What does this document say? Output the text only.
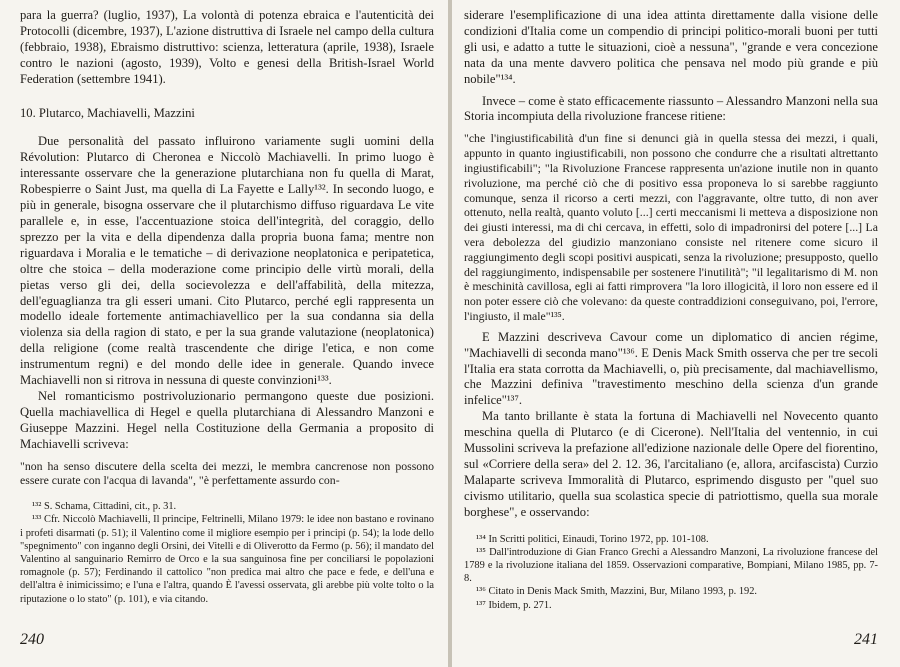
para la guerra? (luglio, 1937), La volontà di potenza ebraica e l'autenticità dei Protocolli (dicembre, 1937), L'azione distruttiva di Israele nel campo della cultura (febbraio, 1938), Ebraismo distruttivo: scienza, letteratura (aprile, 1938), Israele contro le nazioni (agosto, 1939), Volto e genesi della British-Israel World Federation (settembre 1941).

10. Plutarco, Machiavelli, Mazzini

Due personalità del passato influirono variamente sugli uomini della Révolution: Plutarco di Cheronea e Niccolò Machiavelli. In primo luogo è interessante osservare che la generazione plutarchiana non fu quella di Marat, Robespierre o Saint Just, ma quella di La Fayette e Lally¹³². In secondo luogo, e più in generale, bisogna osservare che il plutarchismo diffuso riguardava Le vite parallele e, in esse, l'accentuazione stoica dell'integrità, del coraggio, dello sprezzo per la vita e della dipendenza dalla propria buona fama; mentre non riguardava i Moralia e le tematiche – di derivazione neoplatonica e peripatetica, oltre che stoica – della moderazione come principio delle virtù morali, della pietas verso gli dei, della socievolezza e dell'affabilità, della mitezza, dell'eguaglianza tra gli esseri umani. Cito Plutarco, perché egli rappresenta un modello ideale fortemente antimachiavellico per la sua condanna sia della violenza sia della ragion di stato, e per la sua grande valutazione (neoplatonica) della religione (come realtà trascendente che dirige l'etica, e non come instrumentum regni) e del mondo delle idee in generale. Quando invece Machiavelli non si ritrova in nessuna di queste convinzioni¹³³.

Nel romanticismo postrivoluzionario permangono queste due posizioni. Quella machiavellica di Hegel e quella plutarchiana di Alessandro Manzoni e Giuseppe Mazzini. Hegel nella Costituzione della Germania a proposito di Machiavelli scriveva:

"non ha senso discutere della scelta dei mezzi, le membra cancrenose non possono essere curate con l'acqua di lavanda", "è perfettamente assurdo con-

¹³² S. Schama, Cittadini, cit., p. 31.

¹³³ Cfr. Niccolò Machiavelli, Il principe, Feltrinelli, Milano 1979: le idee non bastano e rovinano i profeti disarmati (p. 51); il Valentino come il migliore esempio per i principi (p. 54); la lode dello "spegnimento" con inganno degli Orsini, dei Vitelli e di Oliverotto da Fermo (p. 56); il mandato del Valentino al sanguinario Remirro de Orco e la sua sanguinosa fine per conciliarsi le popolazioni romagnole (p. 57); Ferdinando il cattolico "non predica mai altro che pace e fede, e dell'una e dell'altra è inimicissimo; e l'una e l'altra, quando È l'avessi osservata, gli arebbe più volte tolto o la riputazione o lo stato" (p. 101), e via citando.

240

siderare l'esemplificazione di una idea attinta direttamente dalla visione delle condizioni d'Italia come un compendio di principi politico-morali buoni per tutti gli usi, e adatto a tutte le situazioni, cioè a nessuna", "grande e vera concezione nata da una mente davvero politica che pensava nel modo più grande e più nobile"¹³⁴.

Invece – come è stato efficacemente riassunto – Alessandro Manzoni nella sua Storia incompiuta della rivoluzione francese ritiene:

"che l'ingiustificabilità d'un fine si denunci già in quella stessa dei mezzi, i quali, appunto in quanto ingiustificabili, non possono che condurre che a risultati altrettanto ingiustificabili"; "la Rivoluzione Francese rappresenta un'azione inutile non in quanto rivoluzione, ma perché ciò che di positivo essa proponeva lo si sarebbe raggiunto comunque, senza il ricorso a certi mezzi, con l'aggravante, oltre tutto, di non aver ottenuto, nella realtà, quanto voluto [...] certi meccanismi li metteva a disposizione non dei giusti interessi, ma di chi cercava, in effetti, solo di impadronirsi del potere [...] La vera debolezza del giudizio manzoniano consiste nel ritenere come sicuro il raggiungimento degli scopi positivi auspicati, senza la rivoluzione; presupposto, quello del raggiungimento, indispensabile per sostenere l'inutilità"; "il legalitarismo di M. non è meschinità cavillosa, egli ai fatti rimprovera "la loro illogicità, il loro non essere ed il non poter essere ciò che volevano: da queste contraddizioni conseguivano, poi, l'errore, l'ingiusto, il male"¹³⁵.

E Mazzini descriveva Cavour come un diplomatico di ancien régime, "Machiavelli di seconda mano"¹³⁶. E Denis Mack Smith osserva che per tre secoli l'Italia era stata corrotta da Machiavelli, o, più precisamente, dal machiavellismo, che Mazzini definiva "travestimento meschino della scienza d'un grande infelice"¹³⁷.

Ma tanto brillante è stata la fortuna di Machiavelli nel Novecento quanto meschina quella di Plutarco (e di Cicerone). Nell'Italia del ventennio, in cui Mussolini scriveva la prefazione all'edizione nazionale delle Opere del fiorentino, sul «Corriere della sera» del 2. 12. 36, l'arcitaliano (e, allora, arcifascista) Curzio Malaparte scriveva Immoralità di Plutarco, esprimendo disgusto per "quel suo civismo utilitario, quella sua scolastica specie di patriottismo, quella sua morale borghese", e osservando:

¹³⁴ In Scritti politici, Einaudi, Torino 1972, pp. 101-108.

¹³⁵ Dall'introduzione di Gian Franco Grechi a Alessandro Manzoni, La rivoluzione francese del 1789 e la rivoluzione italiana del 1859. Osservazioni comparative, Bompiani, Milano 1985, pp. 7-8.

¹³⁶ Citato in Denis Mack Smith, Mazzini, Bur, Milano 1993, p. 192.

¹³⁷ Ibidem, p. 271.

241
